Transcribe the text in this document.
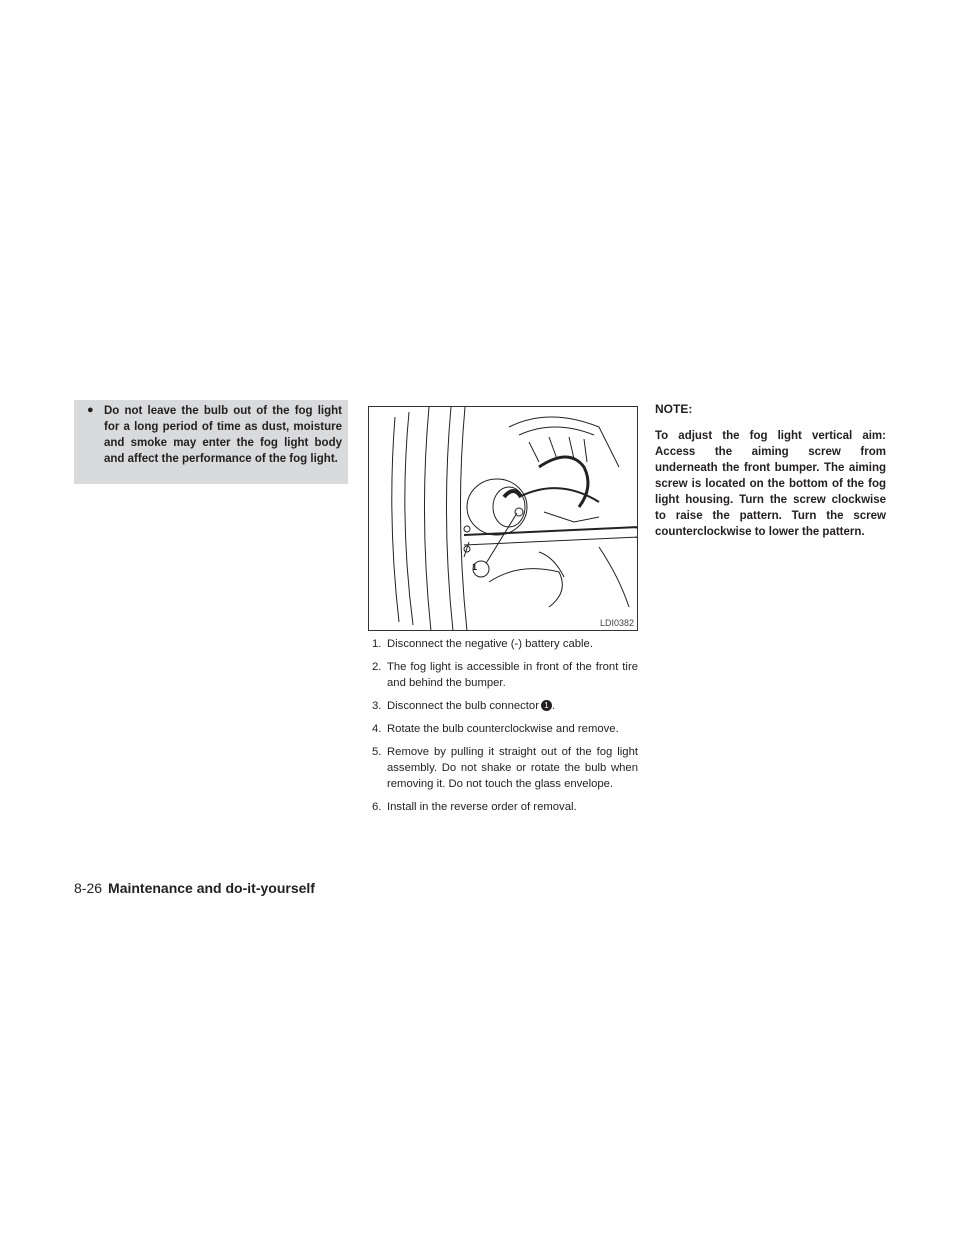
● Do not leave the bulb out of the fog light for a long period of time as dust, moisture and smoke may enter the fog light body and affect the performance of the fog light.
1
LDI0382
1. Disconnect the negative (-) battery cable.
2. The fog light is accessible in front of the front tire and behind the bumper.
3. Disconnect the bulb connector 1 .
4. Rotate the bulb counterclockwise and remove.
5. Remove by pulling it straight out of the fog light assembly. Do not shake or rotate the bulb when removing it. Do not touch the glass envelope.
6. Install in the reverse order of removal.
NOTE:
To adjust the fog light vertical aim: Access the aiming screw from underneath the front bumper. The aiming screw is located on the bottom of the fog light housing. Turn the screw clockwise to raise the pattern. Turn the screw counterclockwise to lower the pattern.
8-26 Maintenance and do-it-yourself
